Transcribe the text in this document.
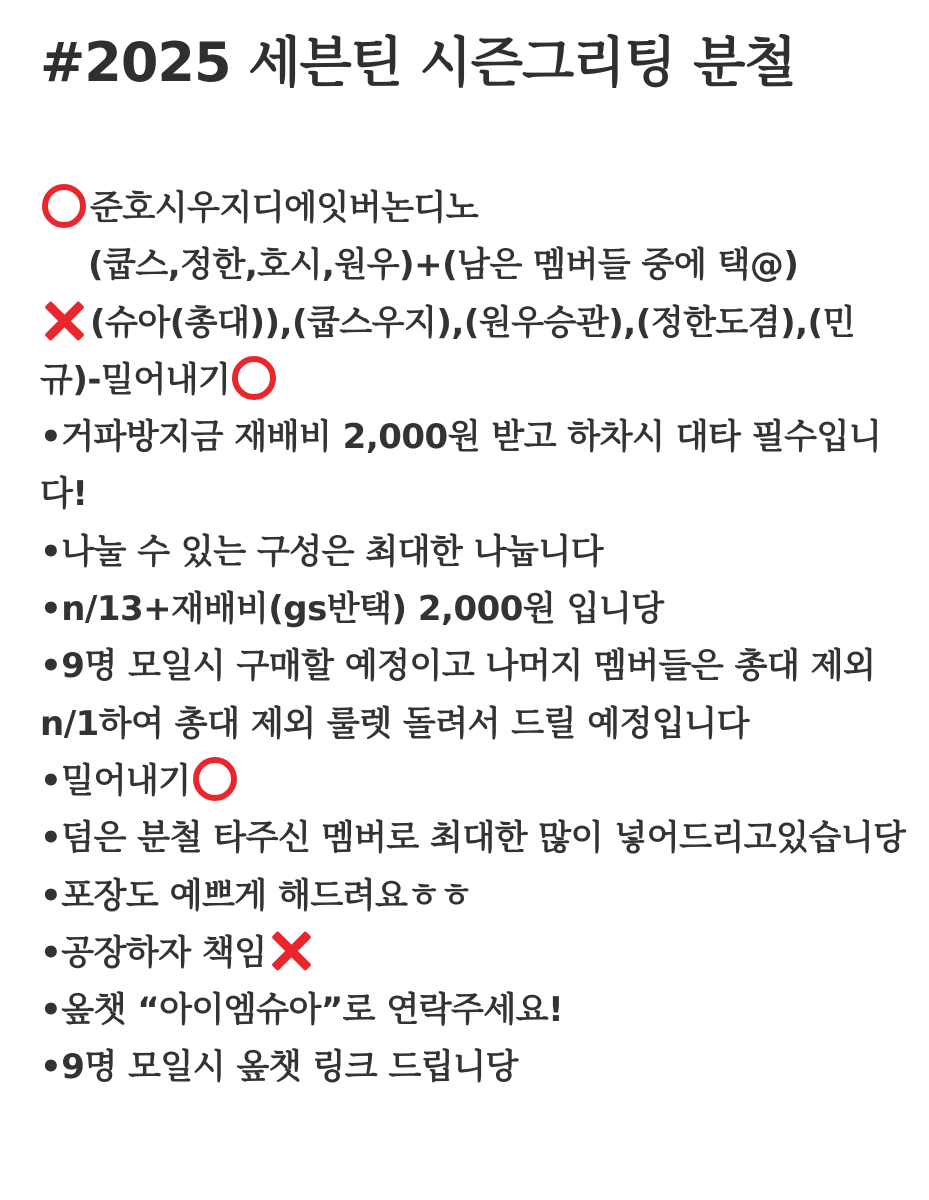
#2025 세븐틴 시즌그리팅 분철
준호시우지디에잇버논디노
(쿱스,정한,호시,원우)+(남은 멤버들 중에 택@)
(슈아(총대)),(쿱스우지),(원우승관),(정한도겸),(민
규)-밀어내기
•거파방지금 재배비 2,000원 받고 하차시 대타 필수입니
다!
•나눌 수 있는 구성은 최대한 나눕니다
•n/13+재배비(gs반택) 2,000원 입니당
•9명 모일시 구매할 예정이고 나머지 멤버들은 총대 제외
n/1하여 총대 제외 룰렛 돌려서 드릴 예정입니다
•밀어내기
•덤은 분철 타주신 멤버로 최대한 많이 넣어드리고있습니당
•포장도 예쁘게 해드려요ㅎㅎ
•공장하자 책임
•옾챗 “아이엠슈아”로 연락주세요!
•9명 모일시 옾챗 링크 드립니당
